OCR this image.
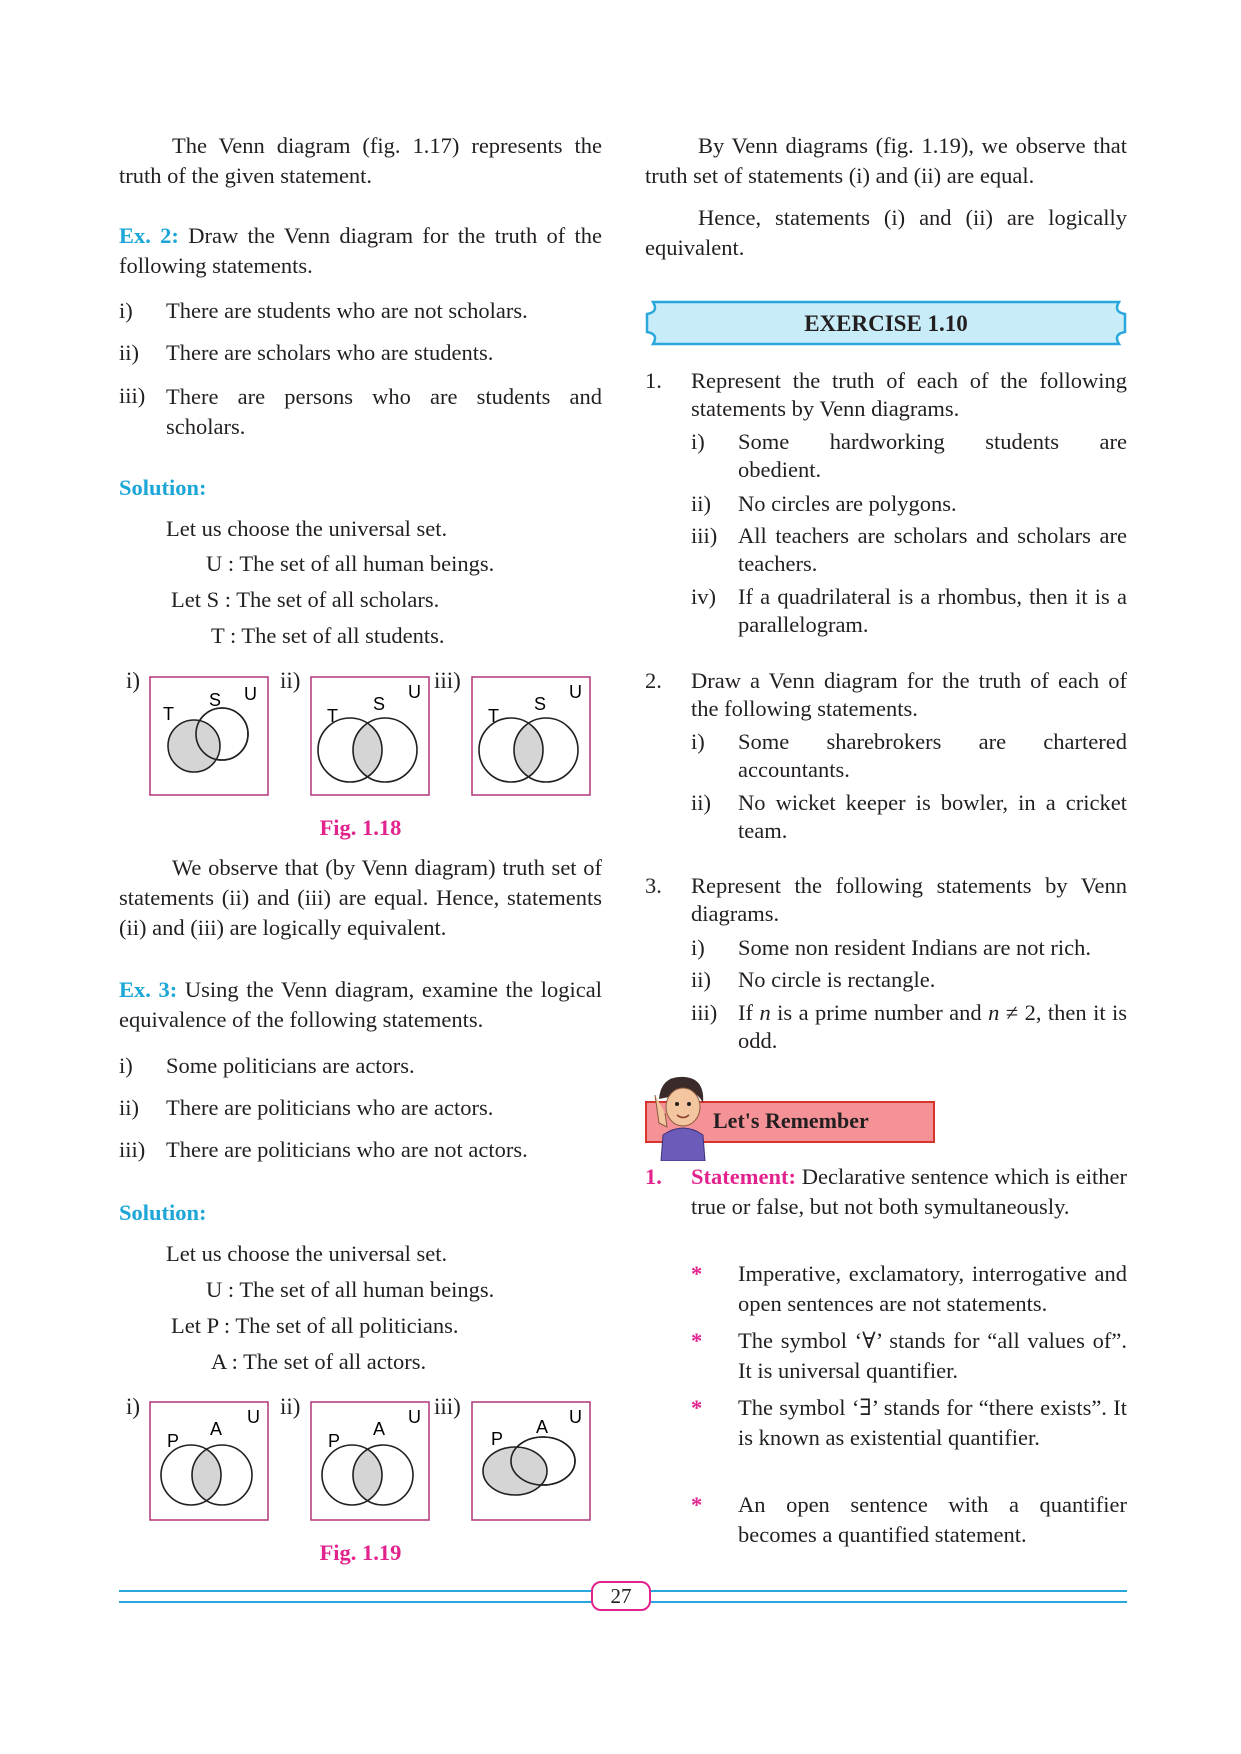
The Venn diagram (fig. 1.17) represents the truth of the given statement.
Ex. 2: Draw the Venn diagram for the truth of the following statements.
i) There are students who are not scholars.
ii) There are scholars who are students.
iii) There are persons who are students and scholars.
Solution:
Let us choose the universal set.
U : The set of all human beings.
Let S : The set of all scholars.
T : The set of all students.
i)	ii)	iii)
U
S
T
U
S
T
U
S
T
Fig. 1.18
We observe that (by Venn diagram) truth set of statements (ii) and (iii) are equal. Hence, statements (ii) and (iii) are logically equivalent.
Ex. 3: Using the Venn diagram, examine the logical equivalence of the following statements.
i) Some politicians are actors.
ii) There are politicians who are actors.
iii) There are politicians who are not actors.
Solution:
Let us choose the universal set.
U : The set of all human beings.
Let P : The set of all politicians.
A : The set of all actors.
i)	ii)	iii)
U
A
P
U
A
P
U
A
P
Fig. 1.19
By Venn diagrams (fig. 1.19), we observe that truth set of statements (i) and (ii) are equal.
Hence, statements (i) and (ii) are logically equivalent.
EXERCISE 1.10
1. Represent the truth of each of the following statements by Venn diagrams.
i) Some hardworking students are
obedient.
ii) No circles are polygons.
iii) All teachers are scholars and scholars are teachers.
iv) If a quadrilateral is a rhombus, then it is a parallelogram.
2. Draw a Venn diagram for the truth of each of the following statements.
i) Some sharebrokers are chartered accountants.
ii) No wicket keeper is bowler, in a cricket team.
3. Represent the following statements by Venn diagrams.
i) Some non resident Indians are not rich.
ii) No circle is rectangle.
iii) If n is a prime number and n ≠ 2, then it is odd.
Let's Remember
1. Statement: Declarative sentence which is either true or false, but not both symultaneously.
* Imperative, exclamatory, interrogative and open sentences are not statements.
* The symbol ‘∀’ stands for “all values of”. It is universal quantifier.
* The symbol ‘∃’ stands for “there exists”. It is known as existential quantifier.
* An open sentence with a quantifier becomes a quantified statement.
27
